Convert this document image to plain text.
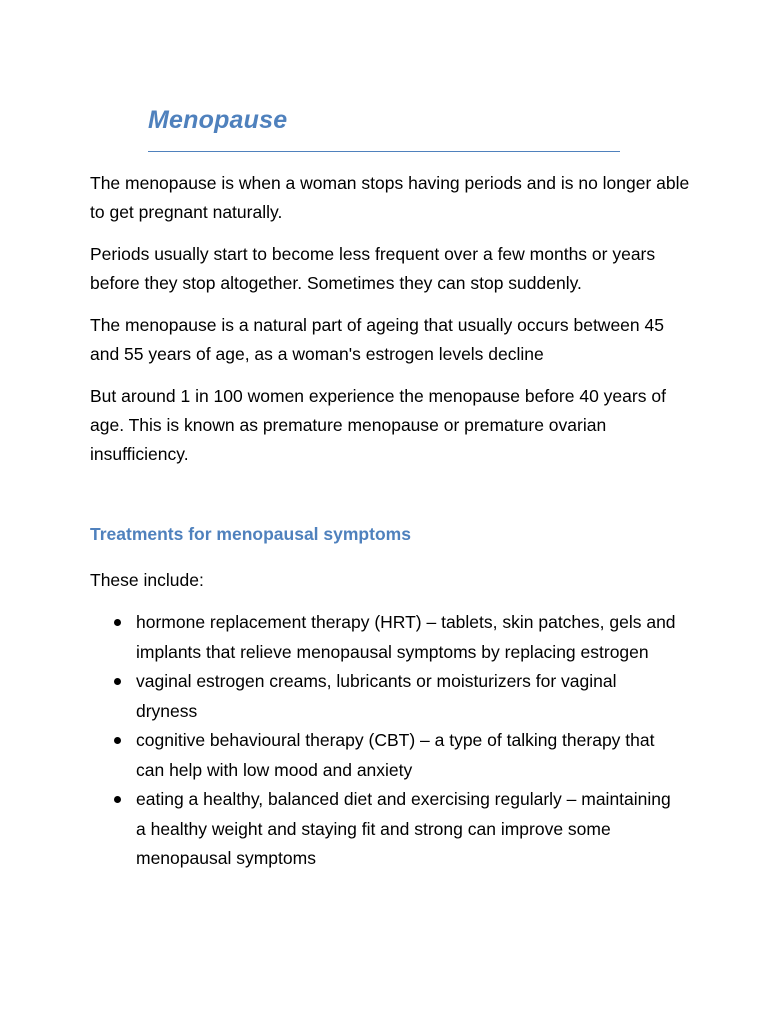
Menopause

The menopause is when a woman stops having periods and is no longer able to get pregnant naturally.

Periods usually start to become less frequent over a few months or years before they stop altogether. Sometimes they can stop suddenly.

The menopause is a natural part of ageing that usually occurs between 45 and 55 years of age, as a woman's estrogen levels decline

But around 1 in 100 women experience the menopause before 40 years of age. This is known as premature menopause or premature ovarian insufficiency.

Treatments for menopausal symptoms

These include:

hormone replacement therapy (HRT) – tablets, skin patches, gels and implants that relieve menopausal symptoms by replacing estrogen
vaginal estrogen creams, lubricants or moisturizers for vaginal dryness
cognitive behavioural therapy (CBT) – a type of talking therapy that can help with low mood and anxiety
eating a healthy, balanced diet and exercising regularly – maintaining a healthy weight and staying fit and strong can improve some menopausal symptoms
